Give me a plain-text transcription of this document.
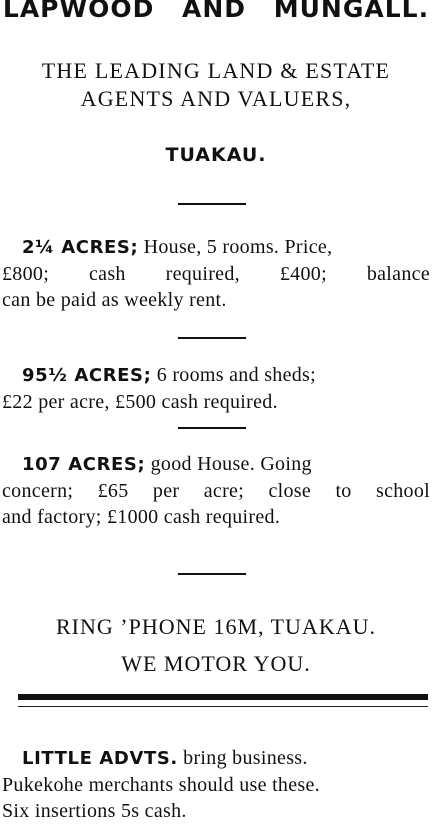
LAPWOOD AND MUNGALL.
THE LEADING LAND & ESTATE
AGENTS AND VALUERS,
TUAKAU.
2¼ ACRES; House, 5 rooms. Price,
£800; cash required, £400; balance
can be paid as weekly rent.
95½ ACRES; 6 rooms and sheds;
£22 per acre, £500 cash required.
107 ACRES; good House. Going
concern; £65 per acre; close to school
and factory; £1000 cash required.
RING ’PHONE 16M, TUAKAU.
WE MOTOR YOU.
LITTLE ADVTS. bring business.
Pukekohe merchants should use these.
Six insertions 5s cash.
